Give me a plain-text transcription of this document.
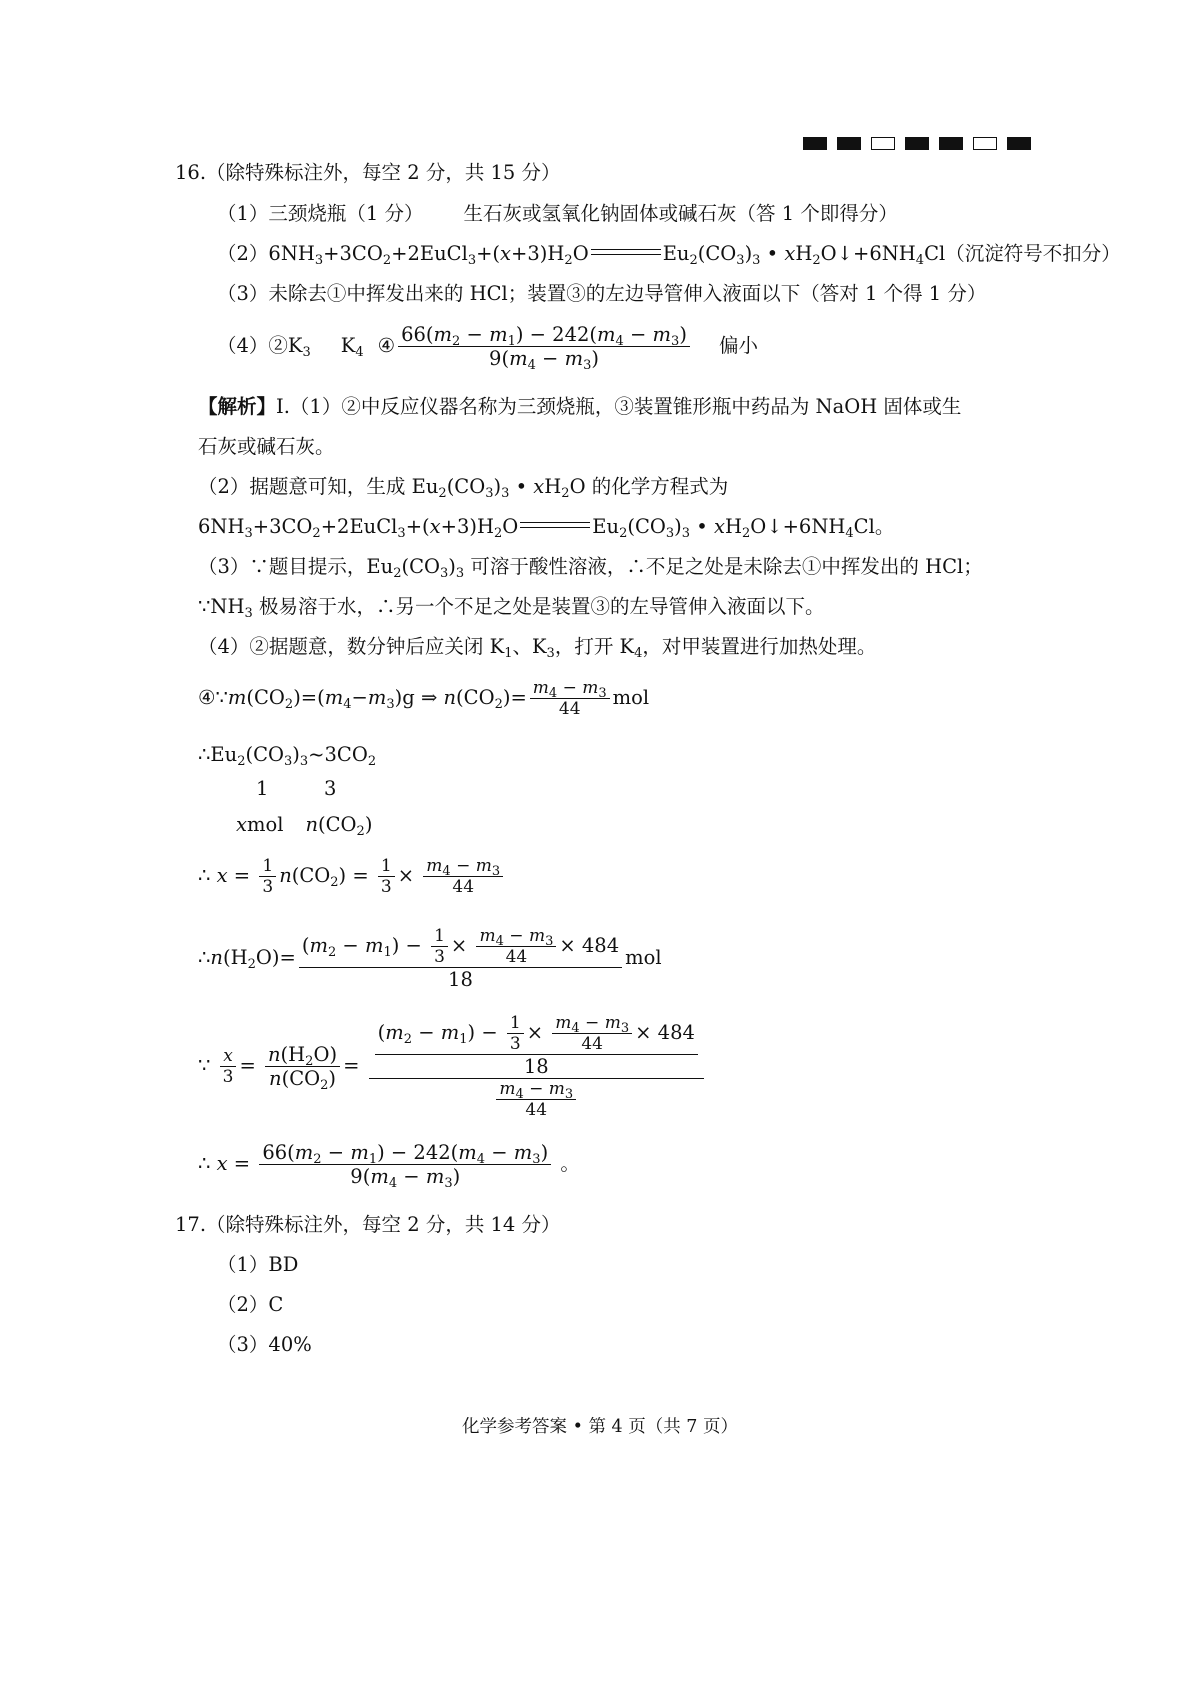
16.（除特殊标注外，每空 2 分，共 15 分）
（1）三颈烧瓶（1 分） 生石灰或氢氧化钠固体或碱石灰（答 1 个即得分）
$(2)6NH_3+3CO_2+2EuCl_3+(x+3)H_2O$	$Eu_2(CO_3)_3$ • $xH_2O↓+6NH_4Cl$（沉淀符号不扣分）
（3）未除去①中挥发出来的 HCl；装置③的左边导管伸入液面以下（答对 1 个得 1 分）
$(4)②K_3$ $K_4$ ④ $\frac{66(m_2 - m_1) - 242(m_4 - m_3)}{9(m_4 - m_3)}$ 偏小
【解析】Ⅰ.（1）②中反应仪器名称为三颈烧瓶，③装置锥形瓶中药品为 NaOH 固体或生
石灰或碱石灰。
（2）据题意可知，生成 $Eu_2(CO_3)_3$ • $xH_2O$ 的化学方程式为
$6NH_3+3CO_2+2EuCl_3+(x+3)H_2O$	$Eu_2(CO_3)_3$ • $xH_2O↓+6NH_4Cl$。
（3）∵题目提示，$Eu_2(CO_3)_3$ 可溶于酸性溶液，∴不足之处是未除去①中挥发出的 HCl；
$\because NH_3$ 极易溶于水，∴另一个不足之处是装置③的左导管伸入液面以下。
（4）②据题意，数分钟后应关闭 $K_1$、$K_3$，打开 $K_4$，对甲装置进行加热处理。
$④\because m(CO_2)=(m_4-m_3)g$ ⇒ $n(CO_2)= \frac{m_4 - m_3}{44}$ mol
$\therefore Eu_2(CO_3)_3\sim 3CO_2$
1	3
xmol $n(CO_2)$
∴ $x = \frac{1}{3} n(CO_2) = \frac{1}{3} \times \frac{m_4 - m_3}{44}$
$\therefore n(H_2O)= \frac{(m_2 - m_1) - \frac{1}{3} \times \frac{m_4 - m_3}{44} \times 484}{18}$ mol
∵ $\frac{x}{3} = \frac{n(H_2O)}{n(CO_2)} = \frac{\frac{(m_2 - m_1) - \frac{1}{3} \times \frac{m_4 - m_3}{44} \times 484}{18}}{\frac{m_4 - m_3}{44}}$
∴ $x = \frac{66(m_2 - m_1) - 242(m_4 - m_3)}{9(m_4 - m_3)}$ 。
17.（除特殊标注外，每空 2 分，共 14 分）
（1）BD
（2）C
（3）40%
化学参考答案 • 第 4 页（共 7 页）
